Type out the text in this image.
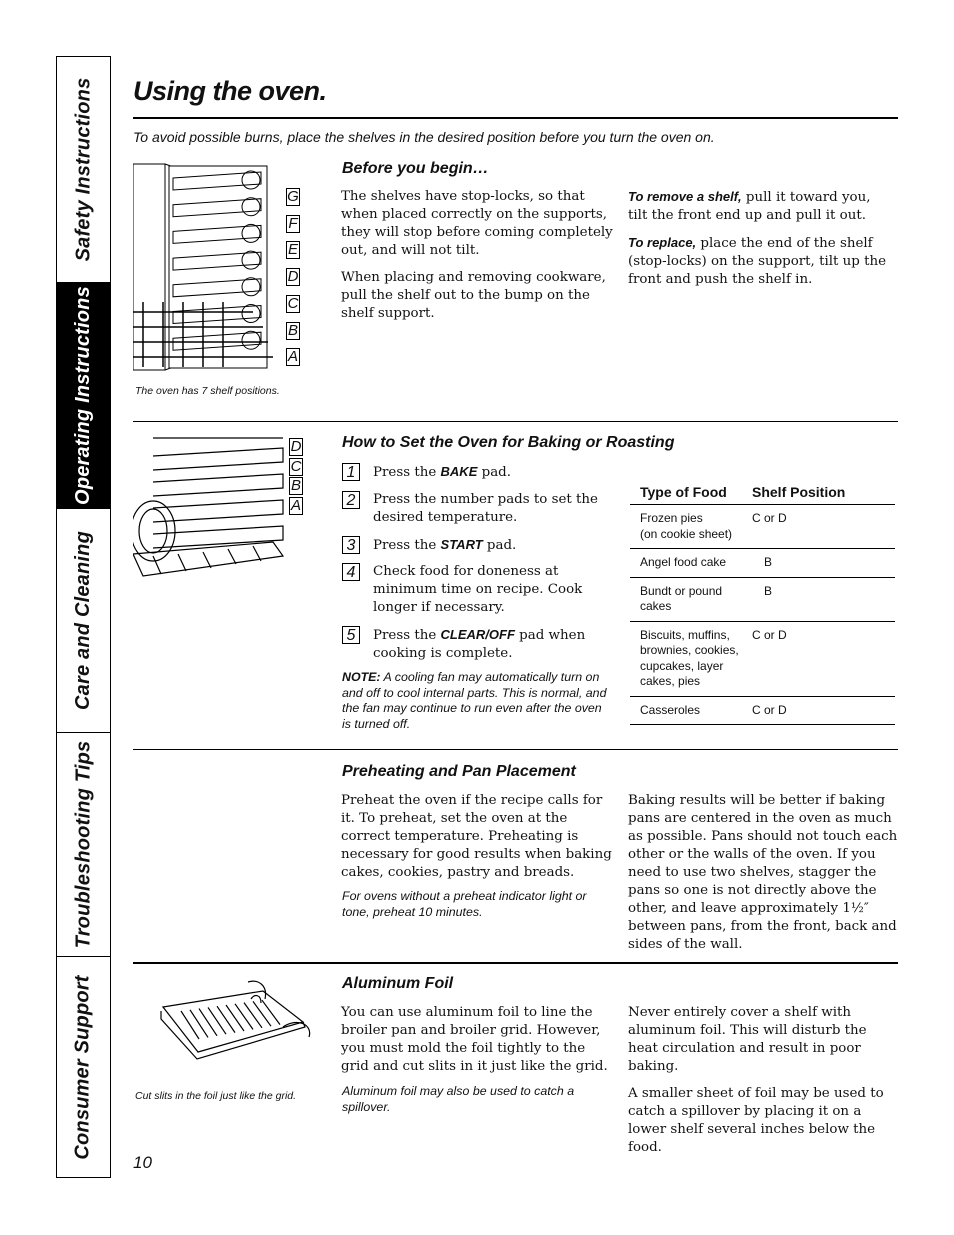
Safety Instructions
Operating Instructions
Care and Cleaning
Troubleshooting Tips
Consumer Support
Using the oven.
To avoid possible burns, place the shelves in the desired position before you turn the oven on.
G
F
E
D
C
B
A
The oven has 7 shelf positions.
Before you begin…

The shelves have stop-locks, so that when placed correctly on the supports, they will stop before coming completely out, and will not tilt.

When placing and removing cookware, pull the shelf out to the bump on the shelf support.

To remove a shelf, pull it toward you, tilt the front end up and pull it out.

To replace, place the end of the shelf (stop-locks) on the support, tilt up the front and push the shelf in.

D
C
B
A
How to Set the Oven for Baking or Roasting
1	Press the BAKE pad.
2	Press the number pads to set the desired temperature.
3	Press the START pad.
4	Check food for doneness at minimum time on recipe. Cook longer if necessary.
5	Press the CLEAR/OFF pad when cooking is complete.
NOTE: A cooling fan may automatically turn on and off to cool internal parts. This is normal, and the fan may continue to run even after the oven is turned off.
Type of Food	Shelf Position
Frozen pies
(on cookie sheet)	C or D
Angel food cake	B
Bundt or pound cakes	B
Biscuits, muffins,
brownies, cookies,
cupcakes, layer
cakes, pies	C or D
Casseroles	C or D
Preheating and Pan Placement

Preheat the oven if the recipe calls for it. To preheat, set the oven at the correct temperature. Preheating is necessary for good results when baking cakes, cookies, pastry and breads.

For ovens without a preheat indicator light or tone, preheat 10 minutes.

Baking results will be better if baking pans are centered in the oven as much as possible. Pans should not touch each other or the walls of the oven. If you need to use two shelves, stagger the pans so one is not directly above the other, and leave approximately 1½″ between pans, from the front, back and sides of the wall.

Cut slits in the foil just like the grid.
Aluminum Foil

You can use aluminum foil to line the broiler pan and broiler grid. However, you must mold the foil tightly to the grid and cut slits in it just like the grid.

Aluminum foil may also be used to catch a spillover.

Never entirely cover a shelf with aluminum foil. This will disturb the heat circulation and result in poor baking.

A smaller sheet of foil may be used to catch a spillover by placing it on a lower shelf several inches below the food.

10
